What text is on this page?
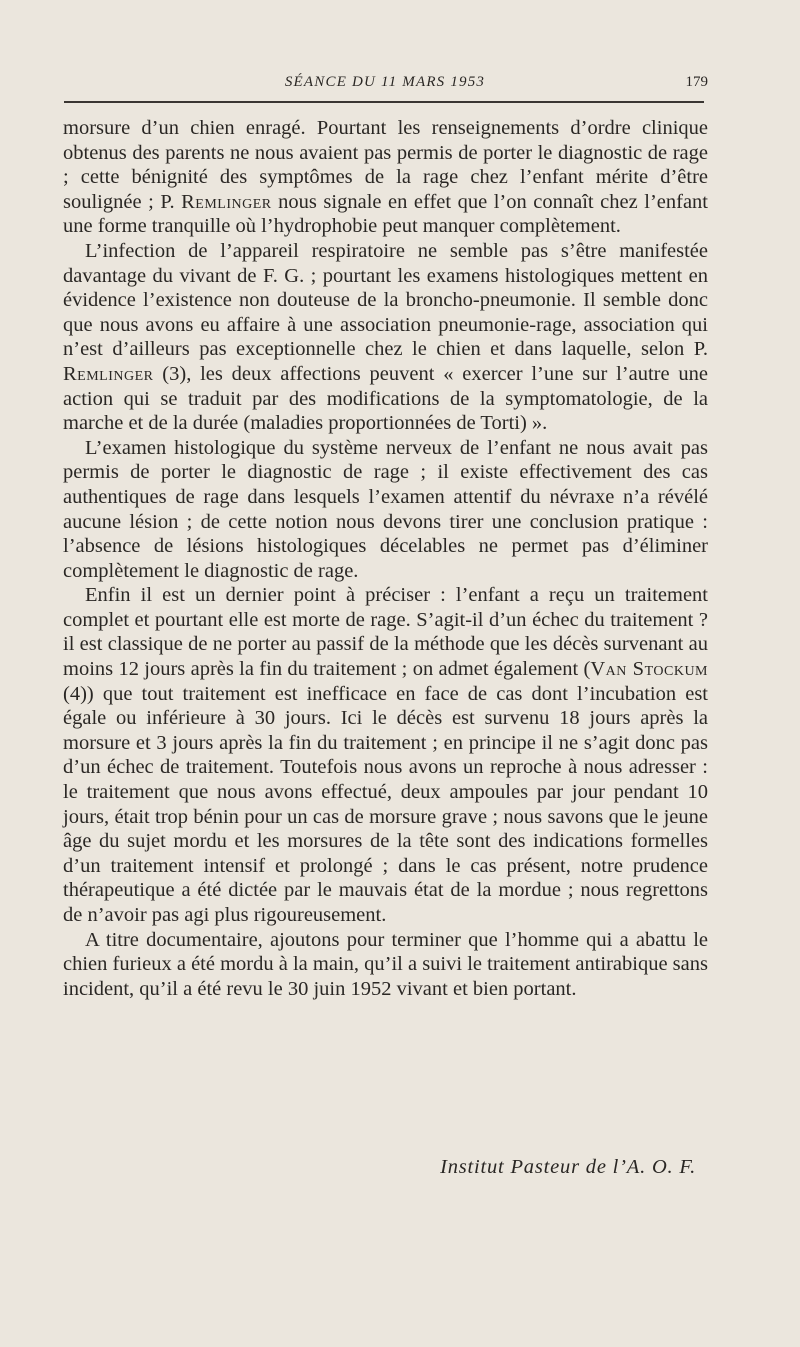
SÉANCE DU 11 MARS 1953	179

morsure d’un chien enragé. Pourtant les renseignements d’ordre clinique obtenus des parents ne nous avaient pas permis de porter le diagnostic de rage ; cette bénignité des symptômes de la rage chez l’enfant mérite d’être soulignée ; P. Remlinger nous signale en effet que l’on connaît chez l’enfant une forme tranquille où l’hydrophobie peut manquer complètement.

L’infection de l’appareil respiratoire ne semble pas s’être manifestée davantage du vivant de F. G. ; pourtant les examens histologiques mettent en évidence l’existence non douteuse de la broncho-pneumonie. Il semble donc que nous avons eu affaire à une association pneumonie-rage, association qui n’est d’ailleurs pas exceptionnelle chez le chien et dans laquelle, selon P. Remlinger (3), les deux affections peuvent « exercer l’une sur l’autre une action qui se traduit par des modifications de la symptomatologie, de la marche et de la durée (maladies proportionnées de Torti) ».

L’examen histologique du système nerveux de l’enfant ne nous avait pas permis de porter le diagnostic de rage ; il existe effectivement des cas authentiques de rage dans lesquels l’examen attentif du névraxe n’a révélé aucune lésion ; de cette notion nous devons tirer une conclusion pratique : l’absence de lésions histologiques décelables ne permet pas d’éliminer complètement le diagnostic de rage.

Enfin il est un dernier point à préciser : l’enfant a reçu un traitement complet et pourtant elle est morte de rage. S’agit-il d’un échec du traitement ? il est classique de ne porter au passif de la méthode que les décès survenant au moins 12 jours après la fin du traitement ; on admet également (Van Stockum (4)) que tout traitement est inefficace en face de cas dont l’incubation est égale ou inférieure à 30 jours. Ici le décès est survenu 18 jours après la morsure et 3 jours après la fin du traitement ; en principe il ne s’agit donc pas d’un échec de traitement. Toutefois nous avons un reproche à nous adresser : le traitement que nous avons effectué, deux ampoules par jour pendant 10 jours, était trop bénin pour un cas de morsure grave ; nous savons que le jeune âge du sujet mordu et les morsures de la tête sont des indications formelles d’un traitement intensif et prolongé ; dans le cas présent, notre prudence thérapeutique a été dictée par le mauvais état de la mordue ; nous regrettons de n’avoir pas agi plus rigoureusement.

A titre documentaire, ajoutons pour terminer que l’homme qui a abattu le chien furieux a été mordu à la main, qu’il a suivi le traitement antirabique sans incident, qu’il a été revu le 30 juin 1952 vivant et bien portant.

Institut Pasteur de l’A. O. F.
